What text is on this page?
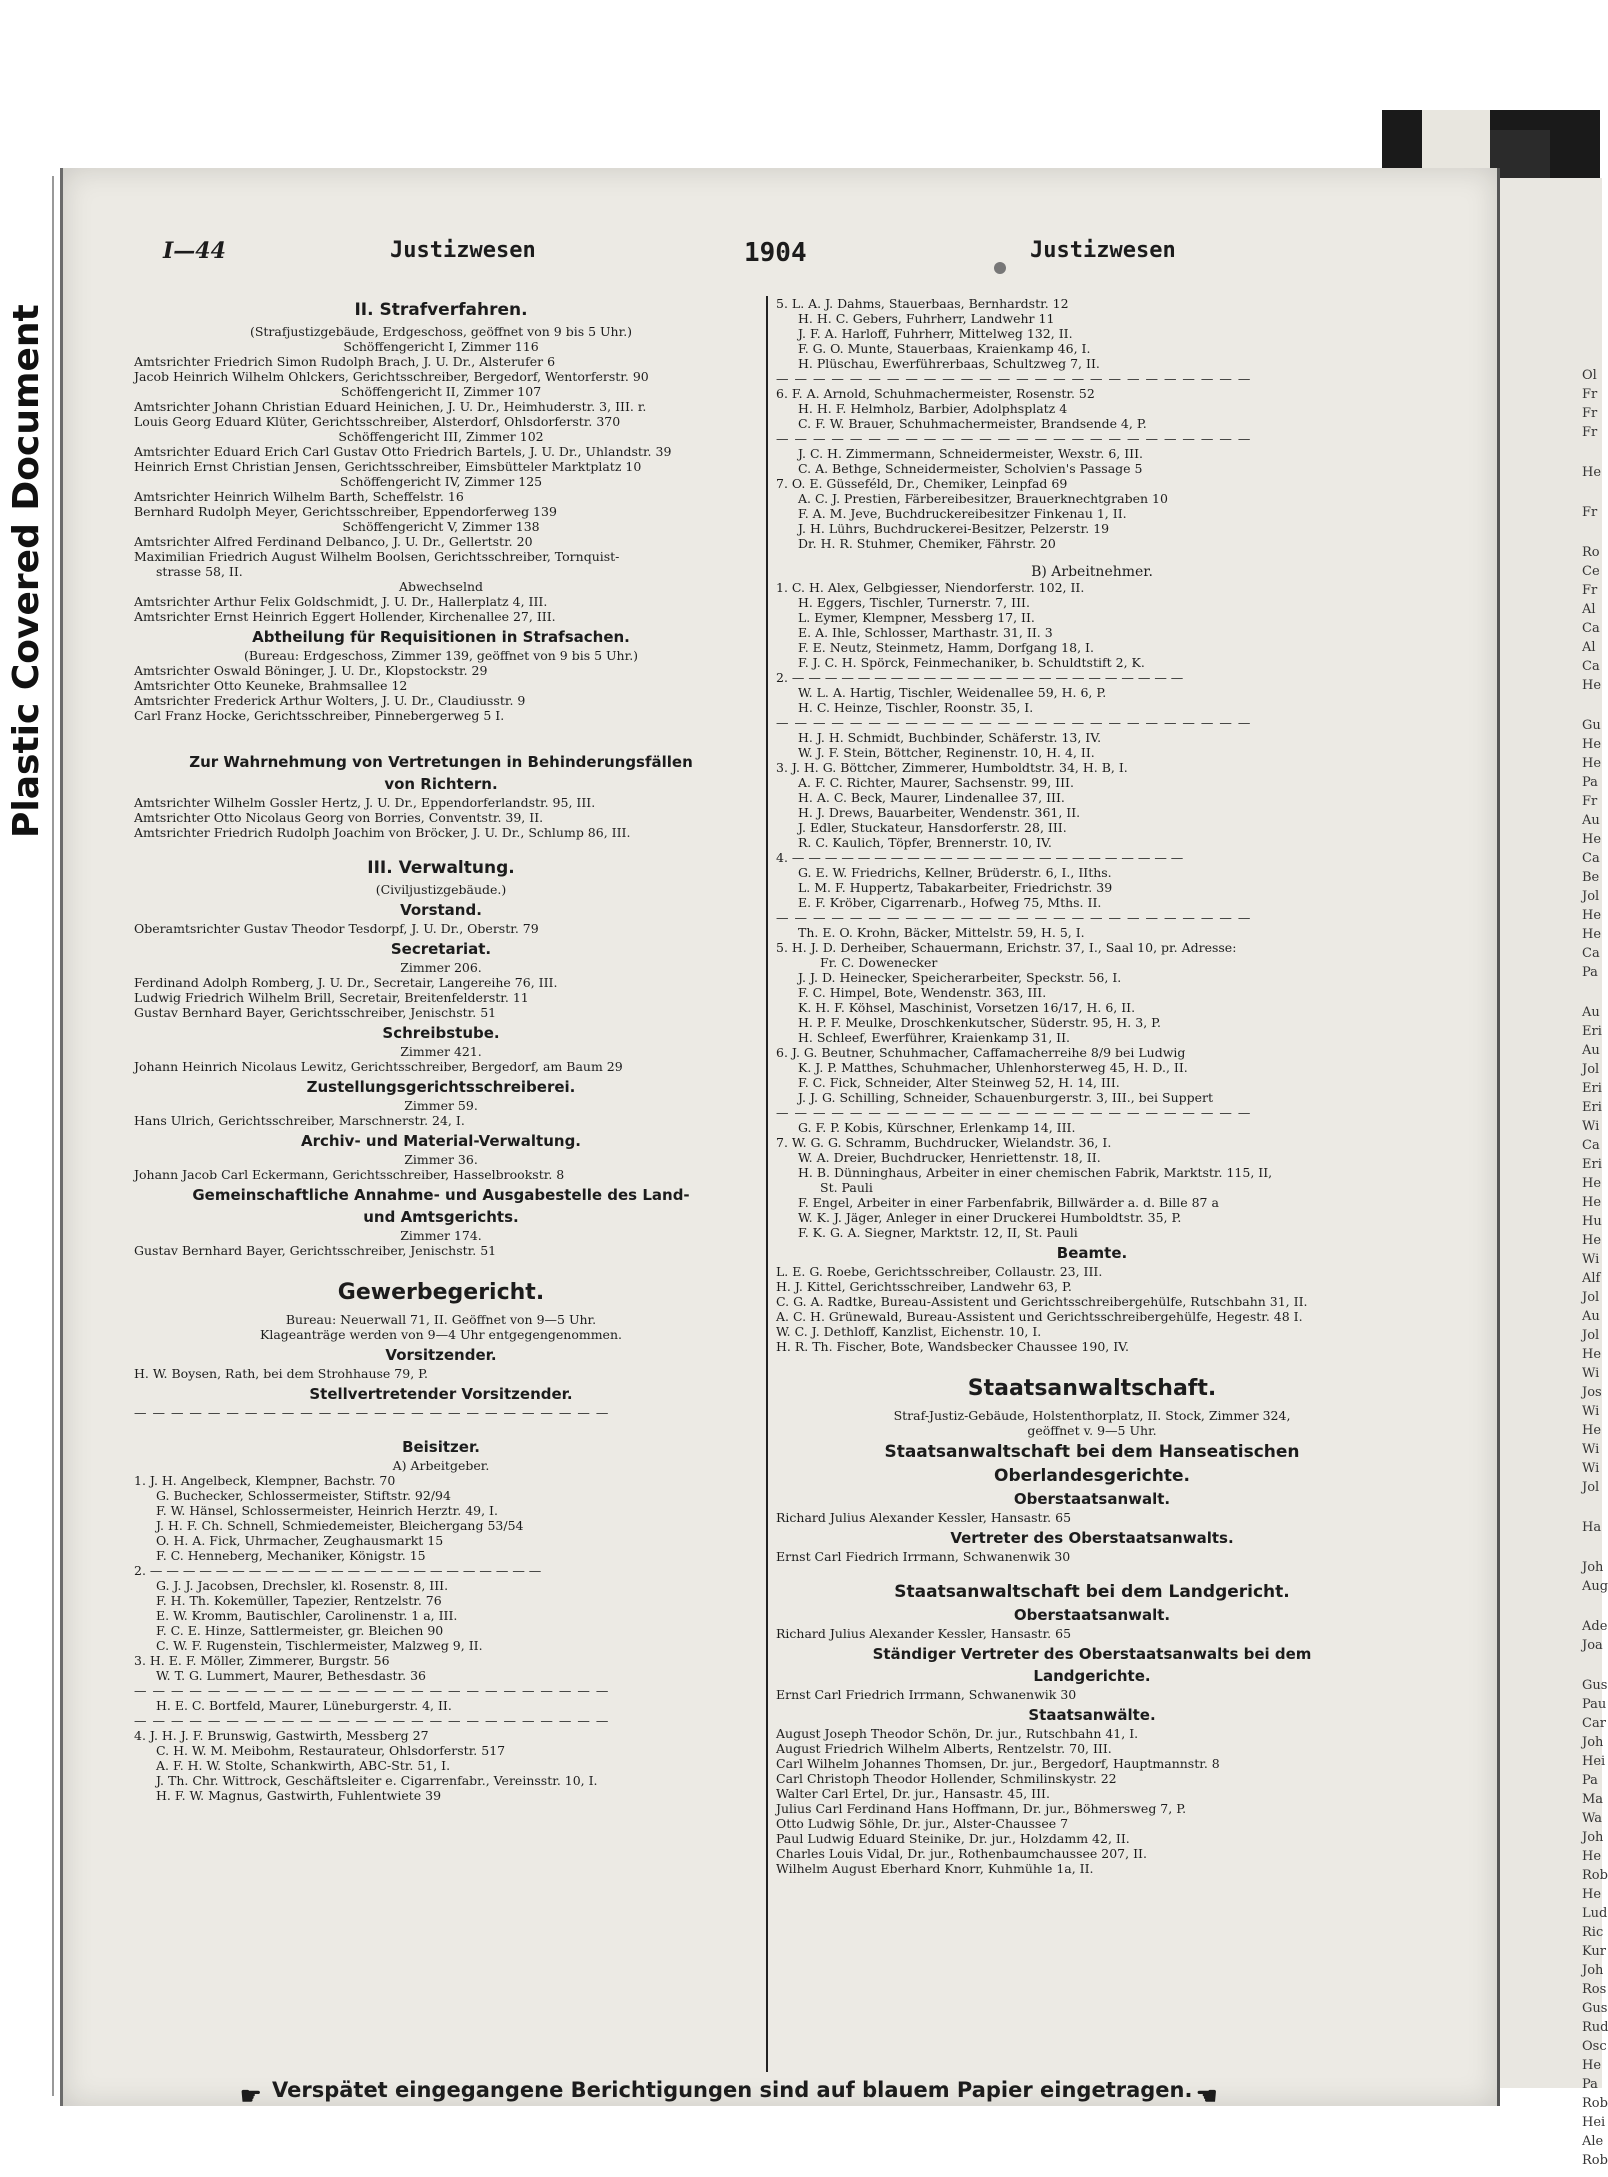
Plastic Covered Document	Ol
Fr
Fr
Fr
He
Fr
Ro
Ce
Fr
Al
Ca
Al
Ca
He
Gu
He
He
Pa
Fr
Au
He
Ca
Be
Jol
He
He
Ca
Pa
Au
Eri
Au
Jol
Eri
Eri
Wi
Ca
Eri
He
He
Hu
He
Wi
Alf
Jol
Au
Jol
He
Wi
Jos
Wi
He
Wi
Wi
Jol
Ha
Joh
Aug
Ade
Joa
Gus
Pau
Car
Joh
Hei
Pa
Ma
Wa
Joh
He
Rob
He
Lud
Ric
Kur
Joh
Ros
Gus
Rud
Osc
He
Pa
Rob
Hei
Ale
Rob
I—44	Justizwesen	1904	Justizwesen
II. Strafverfahren.
(Strafjustizgebäude, Erdgeschoss, geöffnet von 9 bis 5 Uhr.)
Schöffengericht I, Zimmer 116
Amtsrichter Friedrich Simon Rudolph Brach, J. U. Dr., Alsterufer 6
Jacob Heinrich Wilhelm Ohlckers, Gerichtsschreiber, Bergedorf, Wentorferstr. 90
Schöffengericht II, Zimmer 107
Amtsrichter Johann Christian Eduard Heinichen, J. U. Dr., Heimhuderstr. 3, III. r.
Louis Georg Eduard Klüter, Gerichtsschreiber, Alsterdorf, Ohlsdorferstr. 370
Schöffengericht III, Zimmer 102
Amtsrichter Eduard Erich Carl Gustav Otto Friedrich Bartels, J. U. Dr., Uhlandstr. 39
Heinrich Ernst Christian Jensen, Gerichtsschreiber, Eimsbütteler Marktplatz 10
Schöffengericht IV, Zimmer 125
Amtsrichter Heinrich Wilhelm Barth, Scheffelstr. 16
Bernhard Rudolph Meyer, Gerichtsschreiber, Eppendorferweg 139
Schöffengericht V, Zimmer 138
Amtsrichter Alfred Ferdinand Delbanco, J. U. Dr., Gellertstr. 20
Maximilian Friedrich August Wilhelm Boolsen, Gerichtsschreiber, Tornquist-
strasse 58, II.
Abwechselnd
Amtsrichter Arthur Felix Goldschmidt, J. U. Dr., Hallerplatz 4, III.
Amtsrichter Ernst Heinrich Eggert Hollender, Kirchenallee 27, III.
Abtheilung für Requisitionen in Strafsachen.
(Bureau: Erdgeschoss, Zimmer 139, geöffnet von 9 bis 5 Uhr.)
Amtsrichter Oswald Böninger, J. U. Dr., Klopstockstr. 29
Amtsrichter Otto Keuneke, Brahmsallee 12
Amtsrichter Frederick Arthur Wolters, J. U. Dr., Claudiusstr. 9
Carl Franz Hocke, Gerichtsschreiber, Pinnebergerweg 5 I.
Zur Wahrnehmung von Vertretungen in Behinderungsfällen
von Richtern.
Amtsrichter Wilhelm Gossler Hertz, J. U. Dr., Eppendorferlandstr. 95, III.
Amtsrichter Otto Nicolaus Georg von Borries, Conventstr. 39, II.
Amtsrichter Friedrich Rudolph Joachim von Bröcker, J. U. Dr., Schlump 86, III.
III. Verwaltung.
(Civiljustizgebäude.)
Vorstand.
Oberamtsrichter Gustav Theodor Tesdorpf, J. U. Dr., Oberstr. 79
Secretariat.
Zimmer 206.
Ferdinand Adolph Romberg, J. U. Dr., Secretair, Langereihe 76, III.
Ludwig Friedrich Wilhelm Brill, Secretair, Breitenfelderstr. 11
Gustav Bernhard Bayer, Gerichtsschreiber, Jenischstr. 51
Schreibstube.
Zimmer 421.
Johann Heinrich Nicolaus Lewitz, Gerichtsschreiber, Bergedorf, am Baum 29
Zustellungsgerichtsschreiberei.
Zimmer 59.
Hans Ulrich, Gerichtsschreiber, Marschnerstr. 24, I.
Archiv- und Material-Verwaltung.
Zimmer 36.
Johann Jacob Carl Eckermann, Gerichtsschreiber, Hasselbrookstr. 8
Gemeinschaftliche Annahme- und Ausgabestelle des Land-
und Amtsgerichts.
Zimmer 174.
Gustav Bernhard Bayer, Gerichtsschreiber, Jenischstr. 51
Gewerbegericht.
Bureau: Neuerwall 71, II. Geöffnet von 9—5 Uhr.
Klageanträge werden von 9—4 Uhr entgegengenommen.
Vorsitzender.
H. W. Boysen, Rath, bei dem Strohhause 79, P.
Stellvertretender Vorsitzender.
— — — — — — — — — — — — — — — — — — — — — — — — — —
Beisitzer.
A) Arbeitgeber.
1. J. H. Angelbeck, Klempner, Bachstr. 70
G. Buchecker, Schlossermeister, Stiftstr. 92/94
F. W. Hänsel, Schlossermeister, Heinrich Herztr. 49, I.
J. H. F. Ch. Schnell, Schmiedemeister, Bleichergang 53/54
O. H. A. Fick, Uhrmacher, Zeughausmarkt 15
F. C. Henneberg, Mechaniker, Königstr. 15
2. — — — — — — — — — — — — — — — — — — — — — — — —
G. J. J. Jacobsen, Drechsler, kl. Rosenstr. 8, III.
F. H. Th. Kokemüller, Tapezier, Rentzelstr. 76
E. W. Kromm, Bautischler, Carolinenstr. 1 a, III.
F. C. E. Hinze, Sattlermeister, gr. Bleichen 90
C. W. F. Rugenstein, Tischlermeister, Malzweg 9, II.
3. H. E. F. Möller, Zimmerer, Burgstr. 56
W. T. G. Lummert, Maurer, Bethesdastr. 36
— — — — — — — — — — — — — — — — — — — — — — — — — —
H. E. C. Bortfeld, Maurer, Lüneburgerstr. 4, II.
— — — — — — — — — — — — — — — — — — — — — — — — — —
4. J. H. J. F. Brunswig, Gastwirth, Messberg 27
C. H. W. M. Meibohm, Restaurateur, Ohlsdorferstr. 517
A. F. H. W. Stolte, Schankwirth, ABC-Str. 51, I.
J. Th. Chr. Wittrock, Geschäftsleiter e. Cigarrenfabr., Vereinsstr. 10, I.
H. F. W. Magnus, Gastwirth, Fuhlentwiete 39
5. L. A. J. Dahms, Stauerbaas, Bernhardstr. 12
H. H. C. Gebers, Fuhrherr, Landwehr 11
J. F. A. Harloff, Fuhrherr, Mittelweg 132, II.
F. G. O. Munte, Stauerbaas, Kraienkamp 46, I.
H. Plüschau, Ewerführerbaas, Schultzweg 7, II.
— — — — — — — — — — — — — — — — — — — — — — — — — —
6. F. A. Arnold, Schuhmachermeister, Rosenstr. 52
H. H. F. Helmholz, Barbier, Adolphsplatz 4
C. F. W. Brauer, Schuhmachermeister, Brandsende 4, P.
— — — — — — — — — — — — — — — — — — — — — — — — — —
J. C. H. Zimmermann, Schneidermeister, Wexstr. 6, III.
C. A. Bethge, Schneidermeister, Scholvien's Passage 5
7. O. E. Güsseféld, Dr., Chemiker, Leinpfad 69
A. C. J. Prestien, Färbereibesitzer, Brauerknechtgraben 10
F. A. M. Jeve, Buchdruckereibesitzer Finkenau 1, II.
J. H. Lührs, Buchdruckerei-Besitzer, Pelzerstr. 19
Dr. H. R. Stuhmer, Chemiker, Fährstr. 20
B) Arbeitnehmer.
1. C. H. Alex, Gelbgiesser, Niendorferstr. 102, II.
H. Eggers, Tischler, Turnerstr. 7, III.
L. Eymer, Klempner, Messberg 17, II.
E. A. Ihle, Schlosser, Marthastr. 31, II. 3
F. E. Neutz, Steinmetz, Hamm, Dorfgang 18, I.
F. J. C. H. Spörck, Feinmechaniker, b. Schuldtstift 2, K.
2. — — — — — — — — — — — — — — — — — — — — — — — —
W. L. A. Hartig, Tischler, Weidenallee 59, H. 6, P.
H. C. Heinze, Tischler, Roonstr. 35, I.
— — — — — — — — — — — — — — — — — — — — — — — — — —
H. J. H. Schmidt, Buchbinder, Schäferstr. 13, IV.
W. J. F. Stein, Böttcher, Reginenstr. 10, H. 4, II.
3. J. H. G. Böttcher, Zimmerer, Humboldtstr. 34, H. B, I.
A. F. C. Richter, Maurer, Sachsenstr. 99, III.
H. A. C. Beck, Maurer, Lindenallee 37, III.
H. J. Drews, Bauarbeiter, Wendenstr. 361, II.
J. Edler, Stuckateur, Hansdorferstr. 28, III.
R. C. Kaulich, Töpfer, Brennerstr. 10, IV.
4. — — — — — — — — — — — — — — — — — — — — — — — —
G. E. W. Friedrichs, Kellner, Brüderstr. 6, I., IIths.
L. M. F. Huppertz, Tabakarbeiter, Friedrichstr. 39
E. F. Kröber, Cigarrenarb., Hofweg 75, Mths. II.
— — — — — — — — — — — — — — — — — — — — — — — — — —
Th. E. O. Krohn, Bäcker, Mittelstr. 59, H. 5, I.
5. H. J. D. Derheiber, Schauermann, Erichstr. 37, I., Saal 10, pr. Adresse:
Fr. C. Dowenecker
J. J. D. Heinecker, Speicherarbeiter, Speckstr. 56, I.
F. C. Himpel, Bote, Wendenstr. 363, III.
K. H. F. Köhsel, Maschinist, Vorsetzen 16/17, H. 6, II.
H. P. F. Meulke, Droschkenkutscher, Süderstr. 95, H. 3, P.
H. Schleef, Ewerführer, Kraienkamp 31, II.
6. J. G. Beutner, Schuhmacher, Caffamacherreihe 8/9 bei Ludwig
K. J. P. Matthes, Schuhmacher, Uhlenhorsterweg 45, H. D., II.
F. C. Fick, Schneider, Alter Steinweg 52, H. 14, III.
J. J. G. Schilling, Schneider, Schauenburgerstr. 3, III., bei Suppert
— — — — — — — — — — — — — — — — — — — — — — — — — —
G. F. P. Kobis, Kürschner, Erlenkamp 14, III.
7. W. G. G. Schramm, Buchdrucker, Wielandstr. 36, I.
W. A. Dreier, Buchdrucker, Henriettenstr. 18, II.
H. B. Dünninghaus, Arbeiter in einer chemischen Fabrik, Marktstr. 115, II,
St. Pauli
F. Engel, Arbeiter in einer Farbenfabrik, Billwärder a. d. Bille 87 a
W. K. J. Jäger, Anleger in einer Druckerei Humboldtstr. 35, P.
F. K. G. A. Siegner, Marktstr. 12, II, St. Pauli
Beamte.
L. E. G. Roebe, Gerichtsschreiber, Collaustr. 23, III.
H. J. Kittel, Gerichtsschreiber, Landwehr 63, P.
C. G. A. Radtke, Bureau-Assistent und Gerichtsschreibergehülfe, Rutschbahn 31, II.
A. C. H. Grünewald, Bureau-Assistent und Gerichtsschreibergehülfe, Hegestr. 48 I.
W. C. J. Dethloff, Kanzlist, Eichenstr. 10, I.
H. R. Th. Fischer, Bote, Wandsbecker Chaussee 190, IV.
Staatsanwaltschaft.
Straf-Justiz-Gebäude, Holstenthorplatz, II. Stock, Zimmer 324,
geöffnet v. 9—5 Uhr.
Staatsanwaltschaft bei dem Hanseatischen
Oberlandesgerichte.
Oberstaatsanwalt.
Richard Julius Alexander Kessler, Hansastr. 65
Vertreter des Oberstaatsanwalts.
Ernst Carl Fiedrich Irrmann, Schwanenwik 30
Staatsanwaltschaft bei dem Landgericht.
Oberstaatsanwalt.
Richard Julius Alexander Kessler, Hansastr. 65
Ständiger Vertreter des Oberstaatsanwalts bei dem
Landgerichte.
Ernst Carl Friedrich Irrmann, Schwanenwik 30
Staatsanwälte.
August Joseph Theodor Schön, Dr. jur., Rutschbahn 41, I.
August Friedrich Wilhelm Alberts, Rentzelstr. 70, III.
Carl Wilhelm Johannes Thomsen, Dr. jur., Bergedorf, Hauptmannstr. 8
Carl Christoph Theodor Hollender, Schmilinskystr. 22
Walter Carl Ertel, Dr. jur., Hansastr. 45, III.
Julius Carl Ferdinand Hans Hoffmann, Dr. jur., Böhmersweg 7, P.
Otto Ludwig Söhle, Dr. jur., Alster-Chaussee 7
Paul Ludwig Eduard Steinike, Dr. jur., Holzdamm 42, II.
Charles Louis Vidal, Dr. jur., Rothenbaumchaussee 207, II.
Wilhelm August Eberhard Knorr, Kuhmühle 1a, II.
☛ Verspätet eingegangene Berichtigungen sind auf blauem Papier eingetragen. ☚
